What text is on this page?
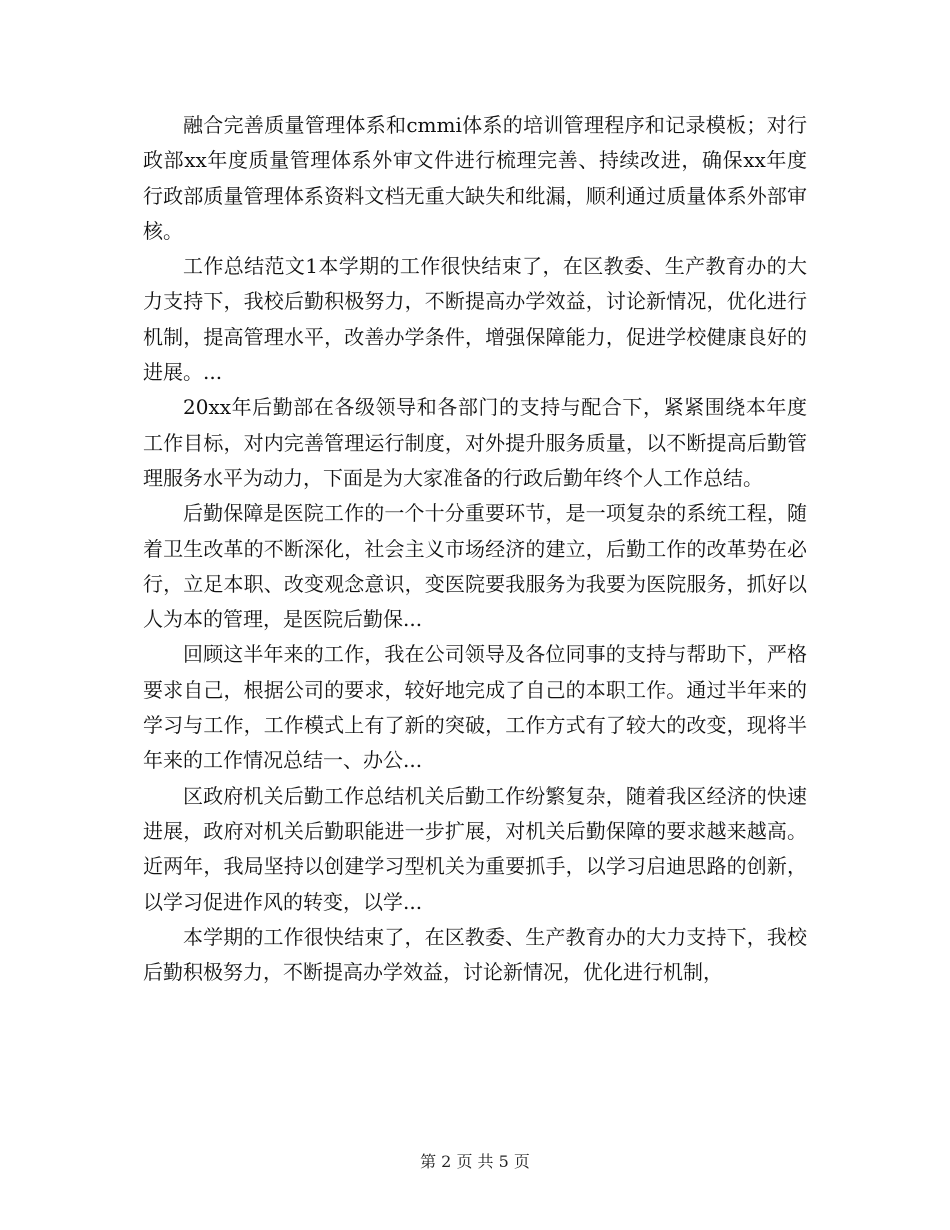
融合完善质量管理体系和cmmi体系的培训管理程序和记录模板；对行政部xx年度质量管理体系外审文件进行梳理完善、持续改进，确保xx年度行政部质量管理体系资料文档无重大缺失和纰漏，顺利通过质量体系外部审核。

工作总结范文1本学期的工作很快结束了，在区教委、生产教育办的大力支持下，我校后勤积极努力，不断提高办学效益，讨论新情况，优化进行机制，提高管理水平，改善办学条件，增强保障能力，促进学校健康良好的进展。...

20xx年后勤部在各级领导和各部门的支持与配合下，紧紧围绕本年度工作目标，对内完善管理运行制度，对外提升服务质量，以不断提高后勤管理服务水平为动力，下面是为大家准备的行政后勤年终个人工作总结。

后勤保障是医院工作的一个十分重要环节，是一项复杂的系统工程，随着卫生改革的不断深化，社会主义市场经济的建立，后勤工作的改革势在必行，立足本职、改变观念意识，变医院要我服务为我要为医院服务，抓好以人为本的管理，是医院后勤保...

回顾这半年来的工作，我在公司领导及各位同事的支持与帮助下，严格要求自己，根据公司的要求，较好地完成了自己的本职工作。通过半年来的学习与工作，工作模式上有了新的突破，工作方式有了较大的改变，现将半年来的工作情况总结一、办公...

区政府机关后勤工作总结机关后勤工作纷繁复杂，随着我区经济的快速进展，政府对机关后勤职能进一步扩展，对机关后勤保障的要求越来越高。近两年，我局坚持以创建学习型机关为重要抓手，以学习启迪思路的创新，以学习促进作风的转变，以学...

本学期的工作很快结束了，在区教委、生产教育办的大力支持下，我校后勤积极努力，不断提高办学效益，讨论新情况，优化进行机制，

第 2 页 共 5 页
